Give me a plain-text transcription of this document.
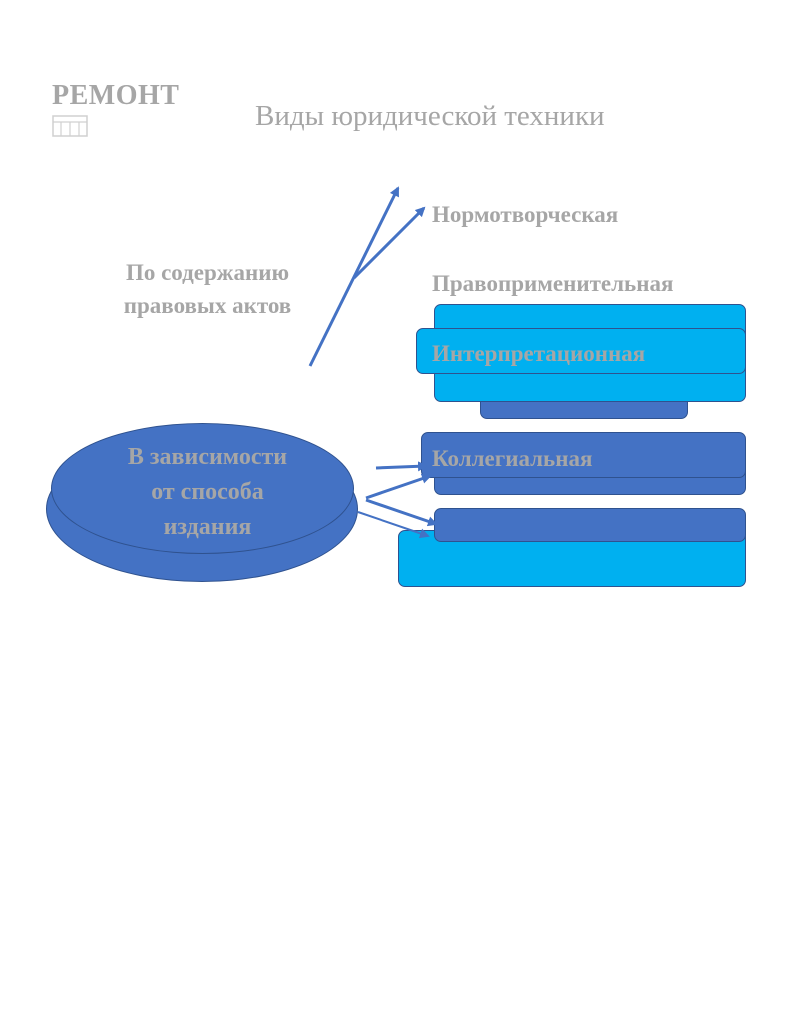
РЕМОНТ
Виды юридической техники
Нормотворческая
Правоприменительная
По содержанию
правовых актов
Интерпретационная
Коллегиальная
В зависимости
от способа
издания
